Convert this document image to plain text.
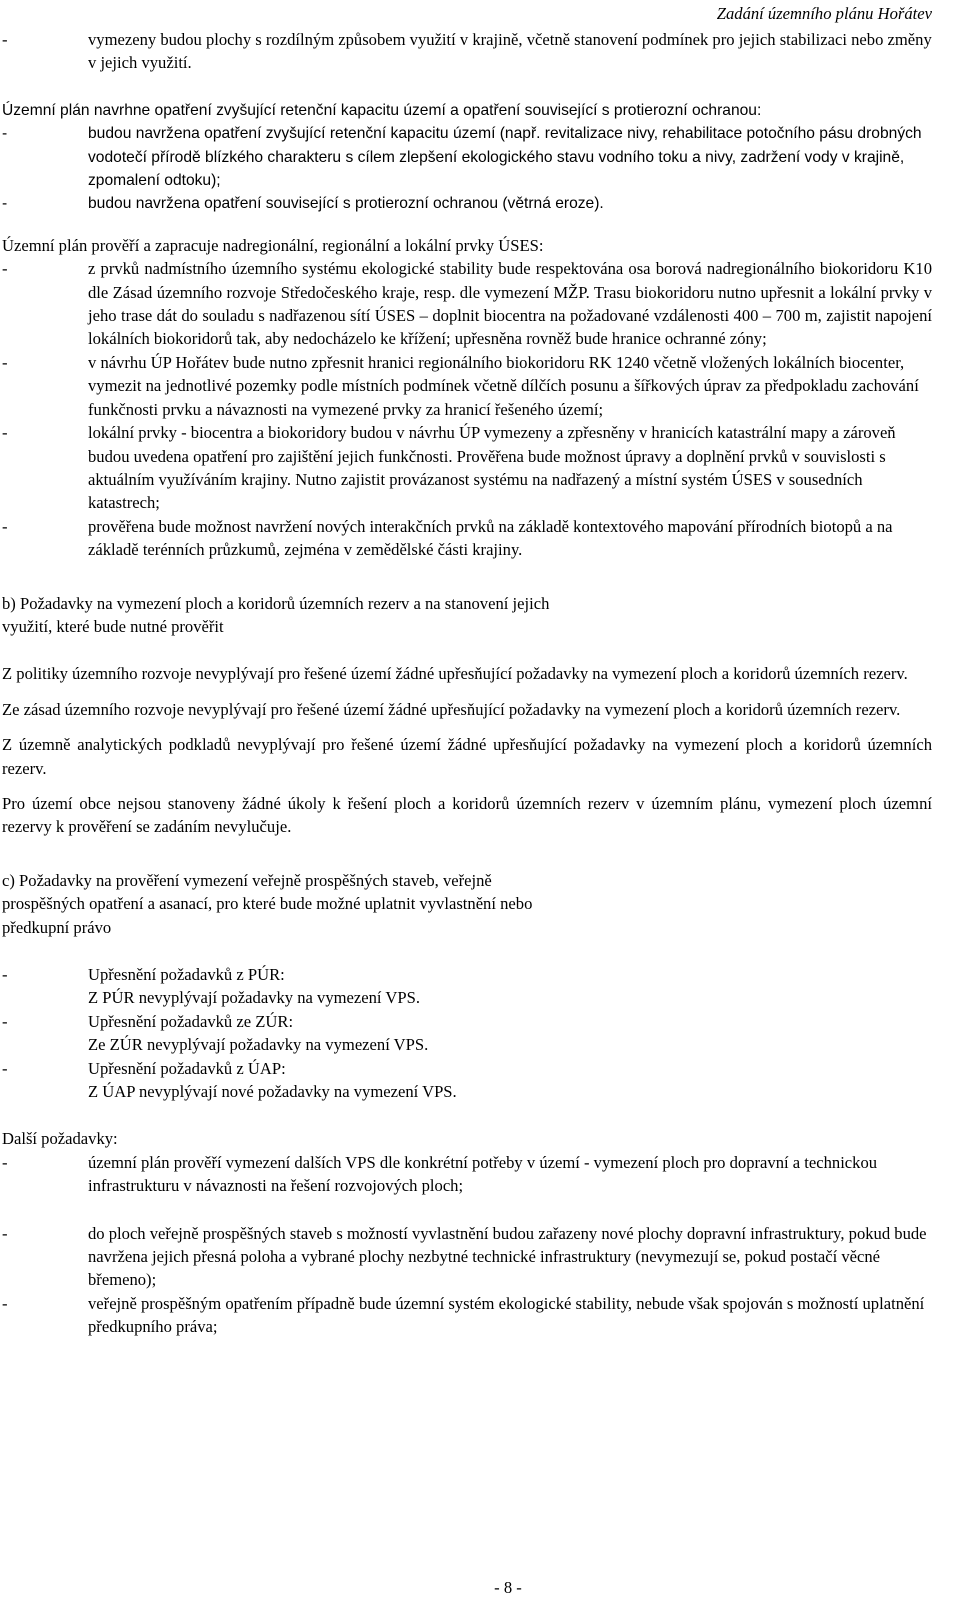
Zadání územního plánu Hořátev
-	vymezeny budou plochy s rozdílným způsobem využití v krajině, včetně stanovení podmínek pro jejich stabilizaci nebo změny v jejich využití.

Územní plán navrhne opatření zvyšující retenční kapacitu území a opatření související s protierozní ochranou:

-	budou navržena opatření zvyšující retenční kapacitu území (např. revitalizace nivy, rehabilitace potočního pásu drobných vodotečí přírodě blízkého charakteru s cílem zlepšení ekologického stavu vodního toku a nivy, zadržení vody v krajině, zpomalení odtoku);
-	budou navržena opatření související s protierozní ochranou (větrná eroze).

Územní plán prověří a zapracuje nadregionální, regionální a lokální prvky ÚSES:

-	z prvků nadmístního územního systému ekologické stability bude respektována osa borová nadregionálního biokoridoru K10 dle Zásad územního rozvoje Středočeského kraje, resp. dle vymezení MŽP. Trasu biokoridoru nutno upřesnit a lokální prvky v jeho trase dát do souladu s nadřazenou sítí ÚSES – doplnit biocentra na požadované vzdálenosti 400 – 700 m, zajistit napojení lokálních biokoridorů tak, aby nedocházelo ke křížení; upřesněna rovněž bude hranice ochranné zóny;
-	v návrhu ÚP Hořátev bude nutno zpřesnit hranici regionálního biokoridoru RK 1240 včetně vložených lokálních biocenter, vymezit na jednotlivé pozemky podle místních podmínek včetně dílčích posunu a šířkových úprav za předpokladu zachování funkčnosti prvku a návaznosti na vymezené prvky za hranicí řešeného území;
-	lokální prvky - biocentra a biokoridory budou v návrhu ÚP vymezeny a zpřesněny v hranicích katastrální mapy a zároveň budou uvedena opatření pro zajištění jejich funkčnosti. Prověřena bude možnost úpravy a doplnění prvků v souvislosti s aktuálním využíváním krajiny. Nutno zajistit provázanost systému na nadřazený a místní systém ÚSES v sousedních katastrech;
-	prověřena bude možnost navržení nových interakčních prvků na základě kontextového mapování přírodních biotopů a na základě terénních průzkumů, zejména v zemědělské části krajiny.

b) Požadavky na vymezení ploch a koridorů územních rezerv a na stanovení jejich

využití, které bude nutné prověřit

Z politiky územního rozvoje nevyplývají pro řešené území žádné upřesňující požadavky na vymezení ploch a koridorů územních rezerv.

Ze zásad územního rozvoje nevyplývají pro řešené území žádné upřesňující požadavky na vymezení ploch a koridorů územních rezerv.

Z územně analytických podkladů nevyplývají pro řešené území žádné upřesňující požadavky na vymezení ploch a koridorů územních rezerv.

Pro území obce nejsou stanoveny žádné úkoly k řešení ploch a koridorů územních rezerv v územním plánu, vymezení ploch územní rezervy k prověření se zadáním nevylučuje.

c) Požadavky na prověření vymezení veřejně prospěšných staveb, veřejně

prospěšných opatření a asanací, pro které bude možné uplatnit vyvlastnění nebo

předkupní právo

-	Upřesnění požadavků z PÚR:

Z PÚR nevyplývají požadavky na vymezení VPS.

-	Upřesnění požadavků ze ZÚR:

Ze ZÚR nevyplývají požadavky na vymezení VPS.

-	Upřesnění požadavků z ÚAP:

Z ÚAP nevyplývají nové požadavky na vymezení VPS.

Další požadavky:

-	územní plán prověří vymezení dalších VPS dle konkrétní potřeby v území - vymezení ploch pro dopravní a technickou infrastrukturu v návaznosti na řešení rozvojových ploch;
-	do ploch veřejně prospěšných staveb s možností vyvlastnění budou zařazeny nové plochy dopravní infrastruktury, pokud bude navržena jejich přesná poloha a vybrané plochy nezbytné technické infrastruktury (nevymezují se, pokud postačí věcné břemeno);
-	veřejně prospěšným opatřením případně bude územní systém ekologické stability, nebude však spojován s možností uplatnění předkupního práva;
- 8 -
